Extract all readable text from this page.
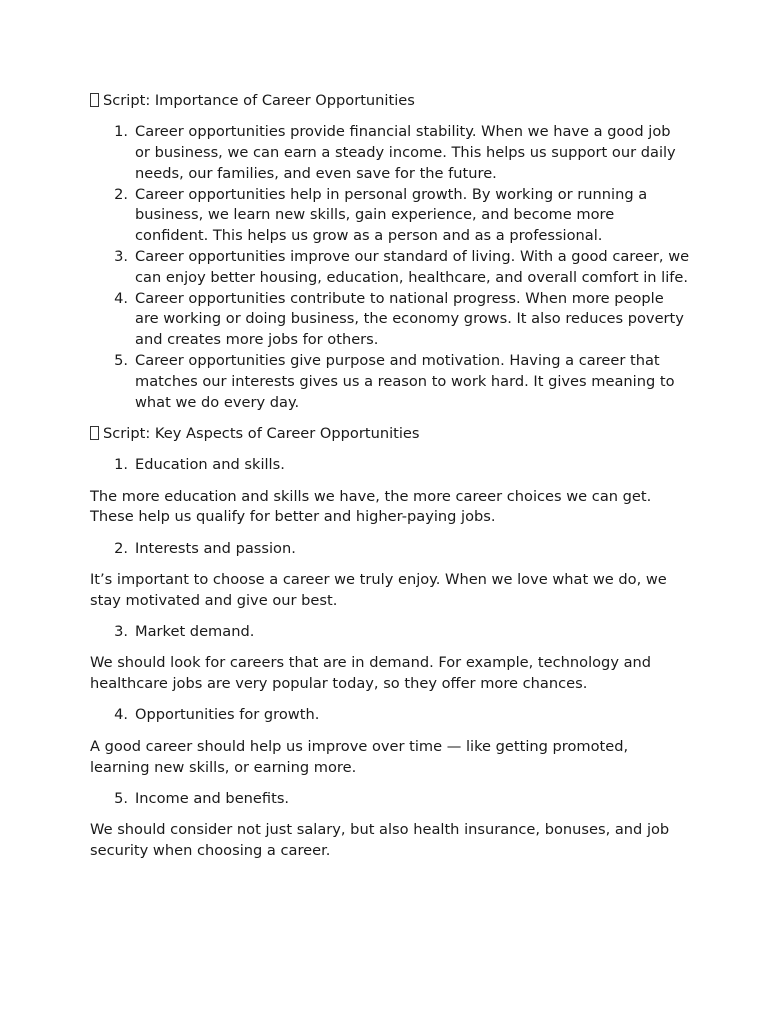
Script: Importance of Career Opportunities

1. Career opportunities provide financial stability. When we have a good job or business, we can earn a steady income. This helps us support our daily needs, our families, and even save for the future.
2. Career opportunities help in personal growth. By working or running a business, we learn new skills, gain experience, and become more confident. This helps us grow as a person and as a professional.
3. Career opportunities improve our standard of living. With a good career, we can enjoy better housing, education, healthcare, and overall comfort in life.
4. Career opportunities contribute to national progress. When more people are working or doing business, the economy grows. It also reduces poverty and creates more jobs for others.
5. Career opportunities give purpose and motivation. Having a career that matches our interests gives us a reason to work hard. It gives meaning to what we do every day.

Script: Key Aspects of Career Opportunities

1. Education and skills.

The more education and skills we have, the more career choices we can get. These help us qualify for better and higher-paying jobs.

2. Interests and passion.

It’s important to choose a career we truly enjoy. When we love what we do, we stay motivated and give our best.

3. Market demand.

We should look for careers that are in demand. For example, technology and healthcare jobs are very popular today, so they offer more chances.

4. Opportunities for growth.

A good career should help us improve over time — like getting promoted, learning new skills, or earning more.

5. Income and benefits.

We should consider not just salary, but also health insurance, bonuses, and job security when choosing a career.
